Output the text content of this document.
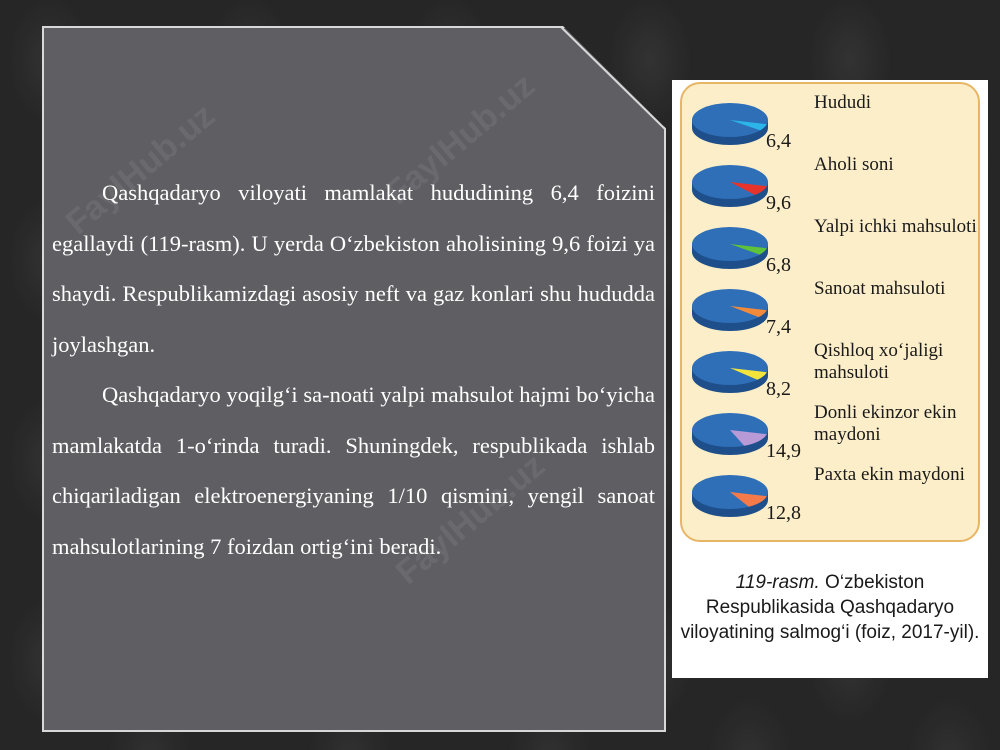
Qashqadaryo viloyati mamlakat hududining 6,4 foizini egallaydi (119-rasm). U yerda O‘zbekiston aholisining 9,6 foizi ya shaydi. Respublikamizdagi asosiy neft va gaz konlari shu hududda joylashgan.

Qashqadaryo yoqilg‘i sa-noati yalpi mahsulot hajmi bo‘yicha mamlakatda 1-o‘rinda turadi. Shuningdek, respublikada ishlab chiqariladigan elektroenergiyaning 1/10 qismini, yengil sanoat mahsulotlarining 7 foizdan ortig‘ini beradi.

6,4
Hududi
9,6
Aholi soni
6,8
Yalpi ichki mahsuloti
7,4
Sanoat mahsuloti
8,2
Qishloq xo‘jaligi mahsuloti
14,9
Donli ekinzor ekin maydoni
12,8
Paxta ekin maydoni
119-rasm. O‘zbekiston Respublikasida Qashqadaryo viloyatining salmog‘i (foiz, 2017-yil).
